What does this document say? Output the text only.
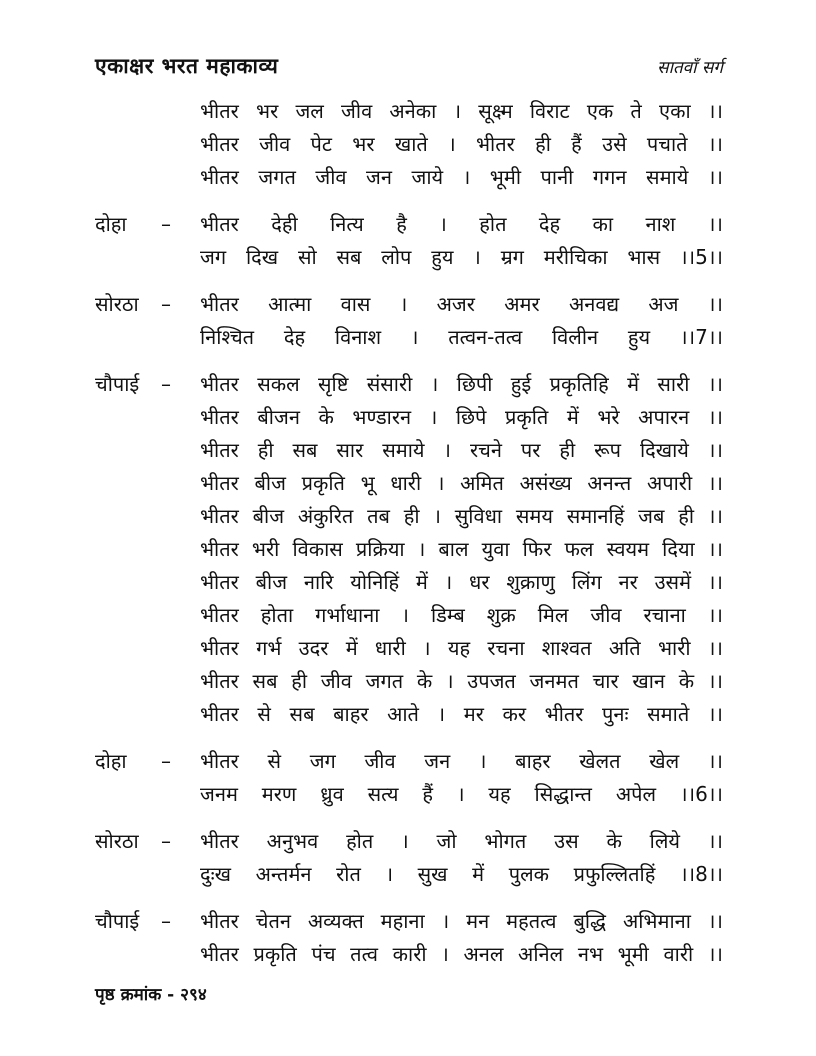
एकाक्षर भरत महाकाव्य	सातवाँ सर्ग
भीतर भर जल जीव अनेका । सूक्ष्म विराट एक ते एका ।।
भीतर जीव पेट भर खाते । भीतर ही हैं उसे पचाते ।।
भीतर जगत जीव जन जाये । भूमी पानी गगन समाये ।।
दोहा	–	भीतर देही नित्य है । होत देह का नाश ।।
जग दिख सो सब लोप हुय । म्रग मरीचिका भास ।।5।।
सोरठा	–	भीतर आत्मा वास । अजर अमर अनवद्य अज ।।
निश्चित देह विनाश । तत्वन-तत्व विलीन हुय ।।7।।
चौपाई	–	भीतर सकल सृष्टि संसारी । छिपी हुई प्रकृतिहि में सारी ।।
भीतर बीजन के भण्डारन । छिपे प्रकृति में भरे अपारन ।।
भीतर ही सब सार समाये । रचने पर ही रूप दिखाये ।।
भीतर बीज प्रकृति भू धारी । अमित असंख्य अनन्त अपारी ।।
भीतर बीज अंकुरित तब ही । सुविधा समय समानहिं जब ही ।।
भीतर भरी विकास प्रक्रिया । बाल युवा फिर फल स्वयम दिया ।।
भीतर बीज नारि योनिहिं में । धर शुक्राणु लिंग नर उसमें ।।
भीतर होता गर्भाधाना । डिम्ब शुक्र मिल जीव रचाना ।।
भीतर गर्भ उदर में धारी । यह रचना शाश्वत अति भारी ।।
भीतर सब ही जीव जगत के । उपजत जनमत चार खान के ।।
भीतर से सब बाहर आते । मर कर भीतर पुनः समाते ।।
दोहा	–	भीतर से जग जीव जन । बाहर खेलत खेल ।।
जनम मरण ध्रुव सत्य हैं । यह सिद्धान्त अपेल ।।6।।
सोरठा	–	भीतर अनुभव होत । जो भोगत उस के लिये ।।
दुःख अन्तर्मन रोत । सुख में पुलक प्रफुल्लितहिं ।।8।।
चौपाई	–	भीतर चेतन अव्यक्त महाना । मन महतत्व बुद्धि अभिमाना ।।
भीतर प्रकृति पंच तत्व कारी । अनल अनिल नभ भूमी वारी ।।
पृष्ठ क्रमांक - २९४
